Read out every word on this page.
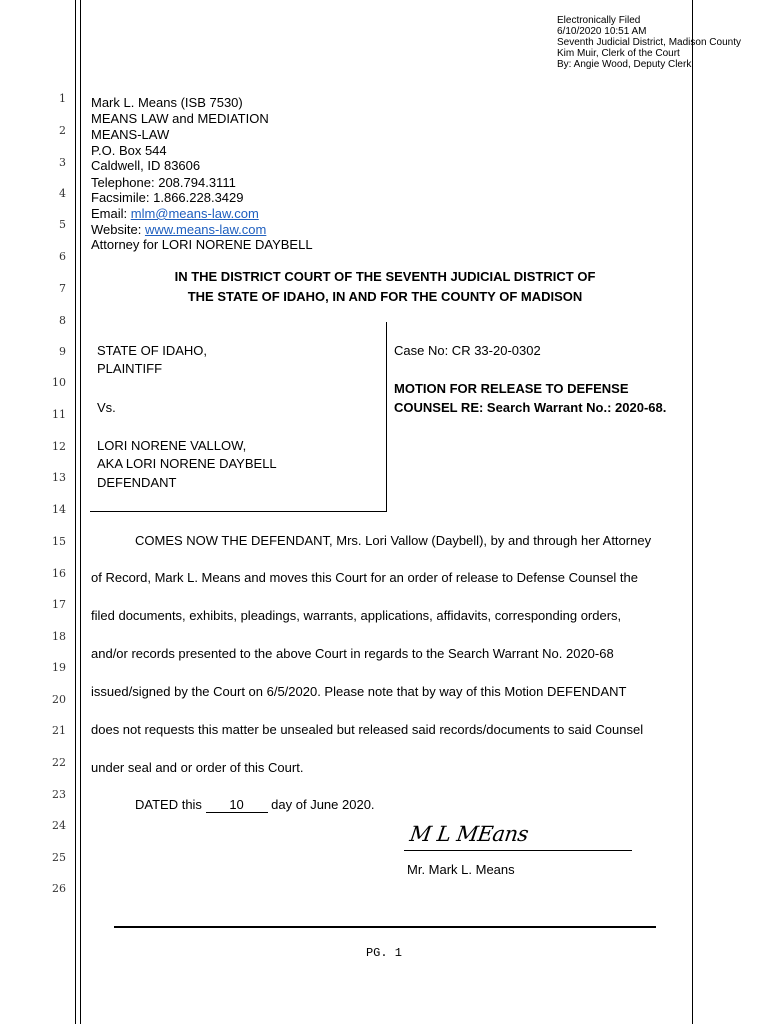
Electronically Filed
6/10/2020 10:51 AM
Seventh Judicial District, Madison County
Kim Muir, Clerk of the Court
By: Angie Wood, Deputy Clerk
1
2
3
4
5
6
7
8
9
10
11
12
13
14
15
16
17
18
19
20
21
22
23
24
25
26
Mark L. Means (ISB 7530)
MEANS LAW and MEDIATION
MEANS-LAW
P.O. Box 544
Caldwell, ID 83606
Telephone: 208.794.3111
Facsimile: 1.866.228.3429
Email: mlm@means-law.com
Website: www.means-law.com
Attorney for LORI NORENE DAYBELL
IN THE DISTRICT COURT OF THE SEVENTH JUDICIAL DISTRICT OF
THE STATE OF IDAHO, IN AND FOR THE COUNTY OF MADISON
STATE OF IDAHO,
PLAINTIFF
Vs.
LORI NORENE VALLOW,
AKA LORI NORENE DAYBELL
DEFENDANT
Case No: CR 33-20-0302
MOTION FOR RELEASE TO DEFENSE
COUNSEL RE: Search Warrant No.: 2020-68.
COMES NOW THE DEFENDANT, Mrs. Lori Vallow (Daybell), by and through her Attorney
of Record, Mark L. Means and moves this Court for an order of release to Defense Counsel the
filed documents, exhibits, pleadings, warrants, applications, affidavits, corresponding orders,
and/or records presented to the above Court in regards to the Search Warrant No. 2020-68
issued/signed by the Court on 6/5/2020. Please note that by way of this Motion DEFENDANT
does not requests this matter be unsealed but released said records/documents to said Counsel
under seal and or order of this Court.
DATED this 10 day of June 2020.
M L MEans
Mr. Mark L. Means
PG. 1
